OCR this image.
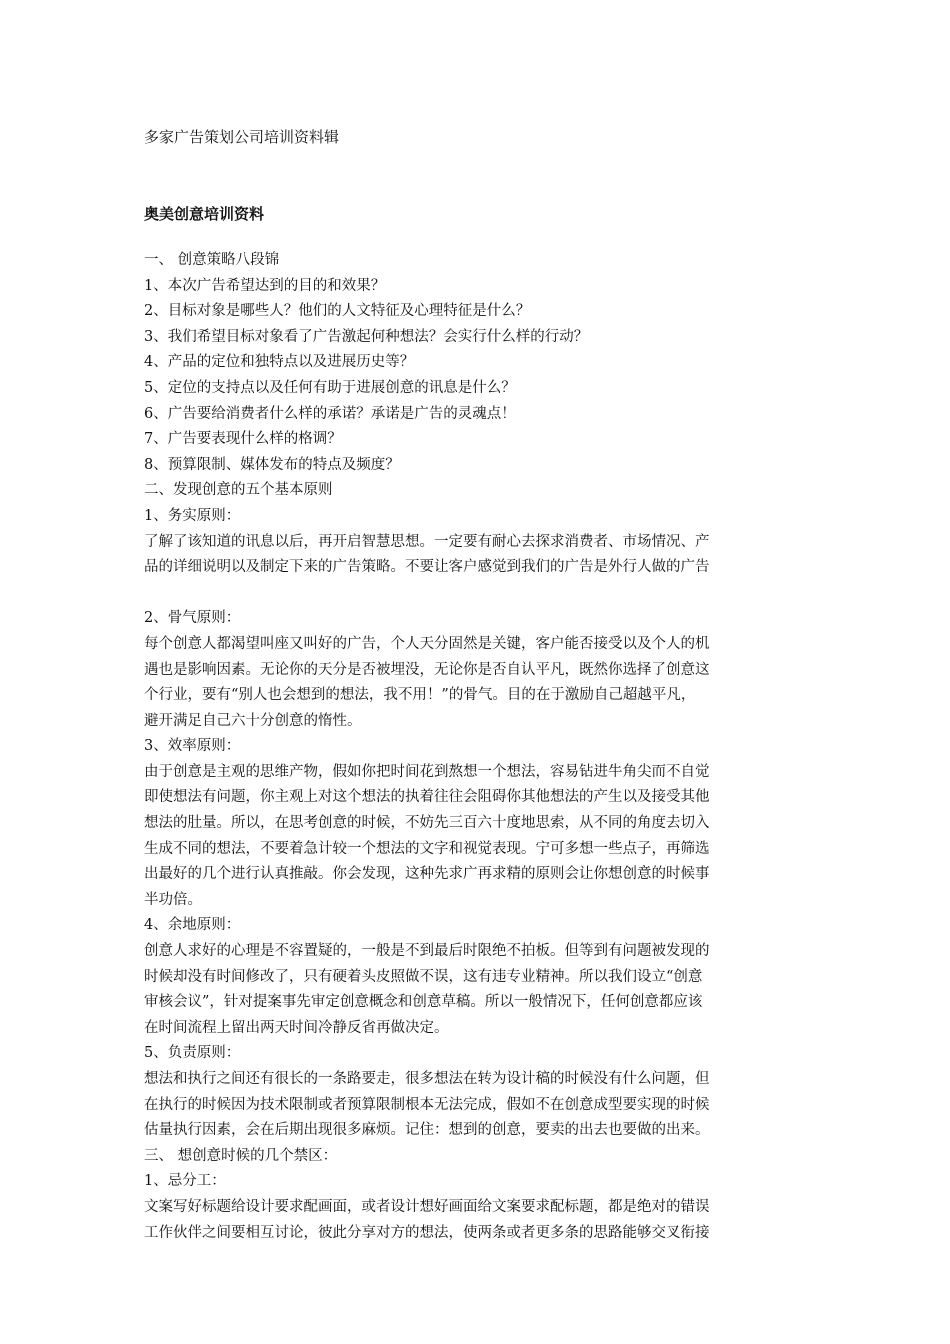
多家广告策划公司培训资料辑
奥美创意培训资料
一、 创意策略八段锦
1、本次广告希望达到的目的和效果？
2、目标对象是哪些人？他们的人文特征及心理特征是什么？
3、我们希望目标对象看了广告激起何种想法？会实行什么样的行动？
4、产品的定位和独特点以及进展历史等？
5、定位的支持点以及任何有助于进展创意的讯息是什么？
6、广告要给消费者什么样的承诺？承诺是广告的灵魂点！
7、广告要表现什么样的格调？
8、预算限制、媒体发布的特点及频度？
二、发现创意的五个基本原则
1、务实原则：
了解了该知道的讯息以后，再开启智慧思想。一定要有耐心去探求消费者、市场情况、产
品的详细说明以及制定下来的广告策略。不要让客户感觉到我们的广告是外行人做的广告
2、骨气原则：
每个创意人都渴望叫座又叫好的广告，个人天分固然是关键，客户能否接受以及个人的机
遇也是影响因素。无论你的天分是否被埋没，无论你是否自认平凡，既然你选择了创意这
个行业，要有“别人也会想到的想法，我不用！”的骨气。目的在于激励自己超越平凡，
避开满足自己六十分创意的惰性。
3、效率原则：
由于创意是主观的思维产物，假如你把时间花到熬想一个想法，容易钻进牛角尖而不自觉
即使想法有问题，你主观上对这个想法的执着往往会阻碍你其他想法的产生以及接受其他
想法的肚量。所以，在思考创意的时候，不妨先三百六十度地思索，从不同的角度去切入
生成不同的想法，不要着急计较一个想法的文字和视觉表现。宁可多想一些点子，再筛选
出最好的几个进行认真推敲。你会发现，这种先求广再求精的原则会让你想创意的时候事
半功倍。
4、余地原则：
创意人求好的心理是不容置疑的，一般是不到最后时限绝不拍板。但等到有问题被发现的
时候却没有时间修改了，只有硬着头皮照做不误，这有违专业精神。所以我们设立“创意
审核会议”，针对提案事先审定创意概念和创意草稿。所以一般情况下，任何创意都应该
在时间流程上留出两天时间冷静反省再做决定。
5、负责原则：
想法和执行之间还有很长的一条路要走，很多想法在转为设计稿的时候没有什么问题，但
在执行的时候因为技术限制或者预算限制根本无法完成，假如不在创意成型要实现的时候
估量执行因素，会在后期出现很多麻烦。记住：想到的创意，要卖的出去也要做的出来。
三、 想创意时候的几个禁区：
1、忌分工：
文案写好标题给设计要求配画面，或者设计想好画面给文案要求配标题，都是绝对的错误
工作伙伴之间要相互讨论，彼此分享对方的想法，使两条或者更多条的思路能够交叉衔接
